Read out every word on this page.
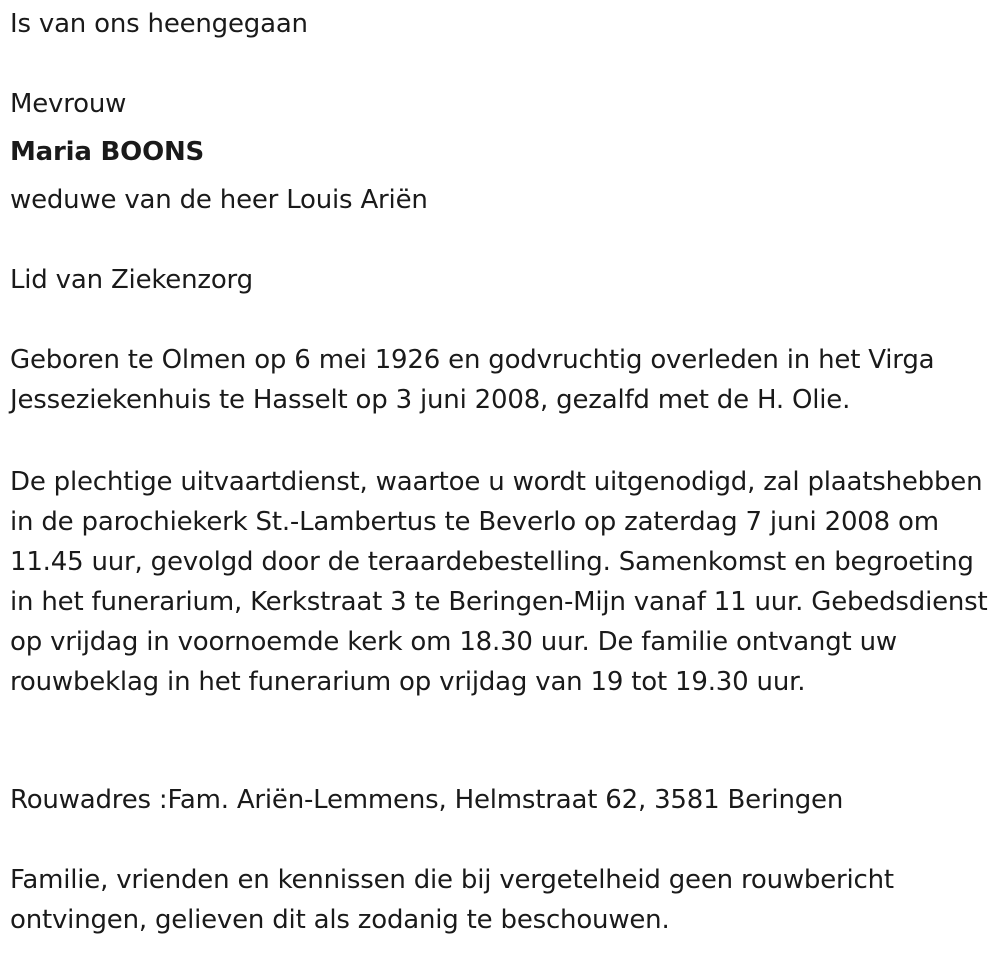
Is van ons heengegaan

Mevrouw

Maria BOONS

weduwe van de heer Louis Ariën

Lid van Ziekenzorg

Geboren te Olmen op 6 mei 1926 en godvruchtig overleden in het Virga Jesseziekenhuis te Hasselt op 3 juni 2008, gezalfd met de H. Olie.

De plechtige uitvaartdienst, waartoe u wordt uitgenodigd, zal plaatshebben in de parochiekerk St.-Lambertus te Beverlo op zaterdag 7 juni 2008 om 11.45 uur, gevolgd door de teraardebestelling. Samenkomst en begroeting in het funerarium, Kerkstraat 3 te Beringen-Mijn vanaf 11 uur. Gebedsdienst op vrijdag in voornoemde kerk om 18.30 uur. De familie ontvangt uw rouwbeklag in het funerarium op vrijdag van 19 tot 19.30 uur.

Rouwadres :Fam. Ariën-Lemmens, Helmstraat 62, 3581 Beringen

Familie, vrienden en kennissen die bij vergetelheid geen rouwbericht ontvingen, gelieven dit als zodanig te beschouwen.
